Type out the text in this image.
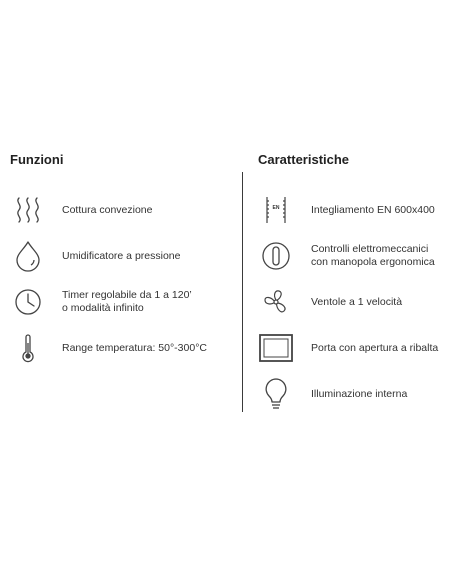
Funzioni
Cottura convezione
Umidificatore a pressione
Timer regolabile da 1 a 120’
o modalità infinito
Range temperatura: 50°-300°C
Caratteristiche
EN	Integliamento EN 600x400
Controlli elettromeccanici
con manopola ergonomica
Ventole a 1 velocità
Porta con apertura a ribalta
Illuminazione interna
